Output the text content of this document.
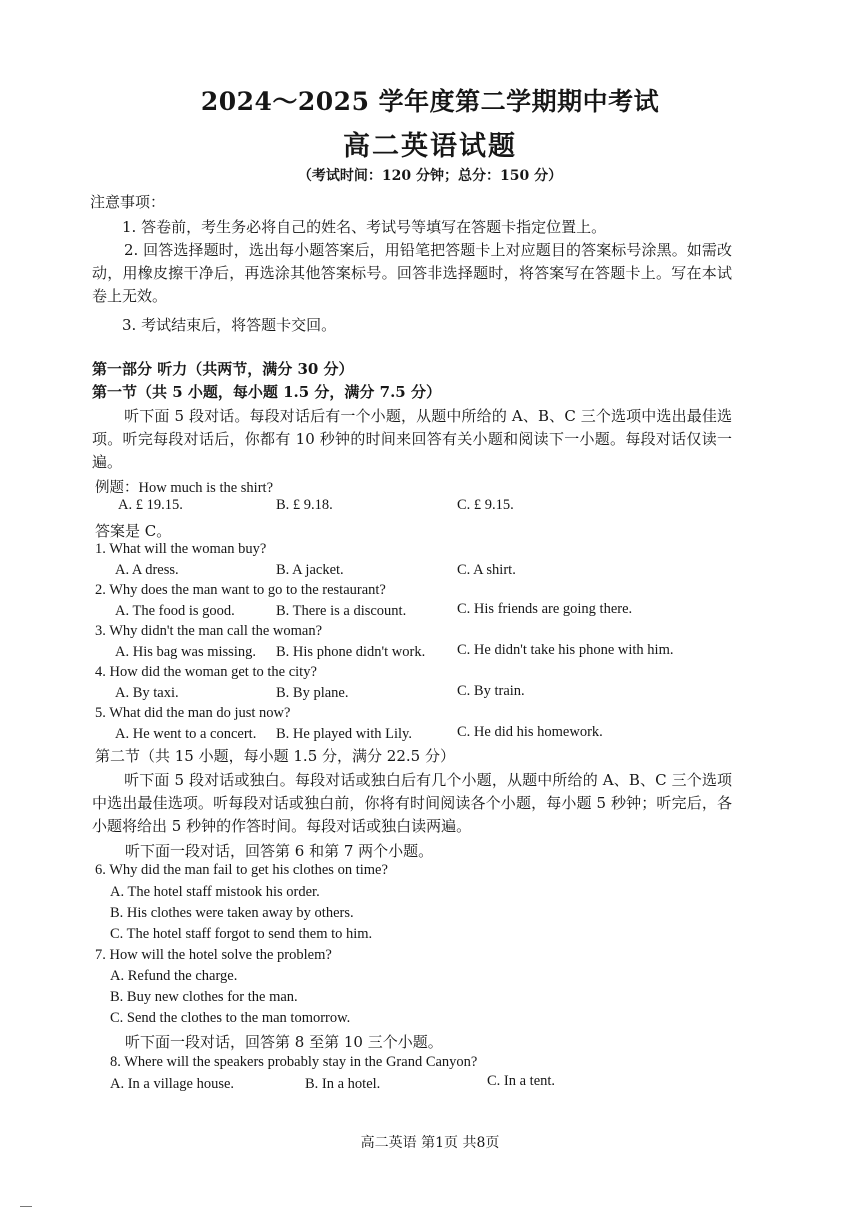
2024～2025 学年度第二学期期中考试
高二英语试题
（考试时间：120 分钟；总分：150 分）
注意事项：
1. 答卷前，考生务必将自己的姓名、考试号等填写在答题卡指定位置上。
2. 回答选择题时，选出每小题答案后，用铅笔把答题卡上对应题目的答案标号涂黑。如需改动，用橡皮擦干净后，再选涂其他答案标号。回答非选择题时，将答案写在答题卡上。写在本试卷上无效。
3. 考试结束后，将答题卡交回。
第一部分 听力（共两节，满分 30 分）
第一节（共 5 小题，每小题 1.5 分，满分 7.5 分）
听下面 5 段对话。每段对话后有一个小题，从题中所给的 A、B、C 三个选项中选出最佳选项。听完每段对话后，你都有 10 秒钟的时间来回答有关小题和阅读下一小题。每段对话仅读一遍。
例题：How much is the shirt?
A. £ 19.15.	B. £ 9.18.	C. £ 9.15.
答案是 C。
1. What will the woman buy?
A. A dress.	B. A jacket.	C. A shirt.
2. Why does the man want to go to the restaurant?
A. The food is good.	B. There is a discount.	C. His friends are going there.
3. Why didn't the man call the woman?
A. His bag was missing. B. His phone didn't work. C. He didn't take his phone with him.
4. How did the woman get to the city?
A. By taxi.	B. By plane.	C. By train.
5. What did the man do just now?
A. He went to a concert. B. He played with Lily.	C. He did his homework.
第二节（共 15 小题，每小题 1.5 分，满分 22.5 分）
听下面 5 段对话或独白。每段对话或独白后有几个小题，从题中所给的 A、B、C 三个选项中选出最佳选项。听每段对话或独白前，你将有时间阅读各个小题，每小题 5 秒钟；听完后，各小题将给出 5 秒钟的作答时间。每段对话或独白读两遍。
听下面一段对话，回答第 6 和第 7 两个小题。
6. Why did the man fail to get his clothes on time?
A. The hotel staff mistook his order.
B. His clothes were taken away by others.
C. The hotel staff forgot to send them to him.
7. How will the hotel solve the problem?
A. Refund the charge.
B. Buy new clothes for the man.
C. Send the clothes to the man tomorrow.
听下面一段对话，回答第 8 至第 10 三个小题。
8. Where will the speakers probably stay in the Grand Canyon?
A. In a village house.	B. In a hotel.	C. In a tent.
高二英语 第1页 共8页
